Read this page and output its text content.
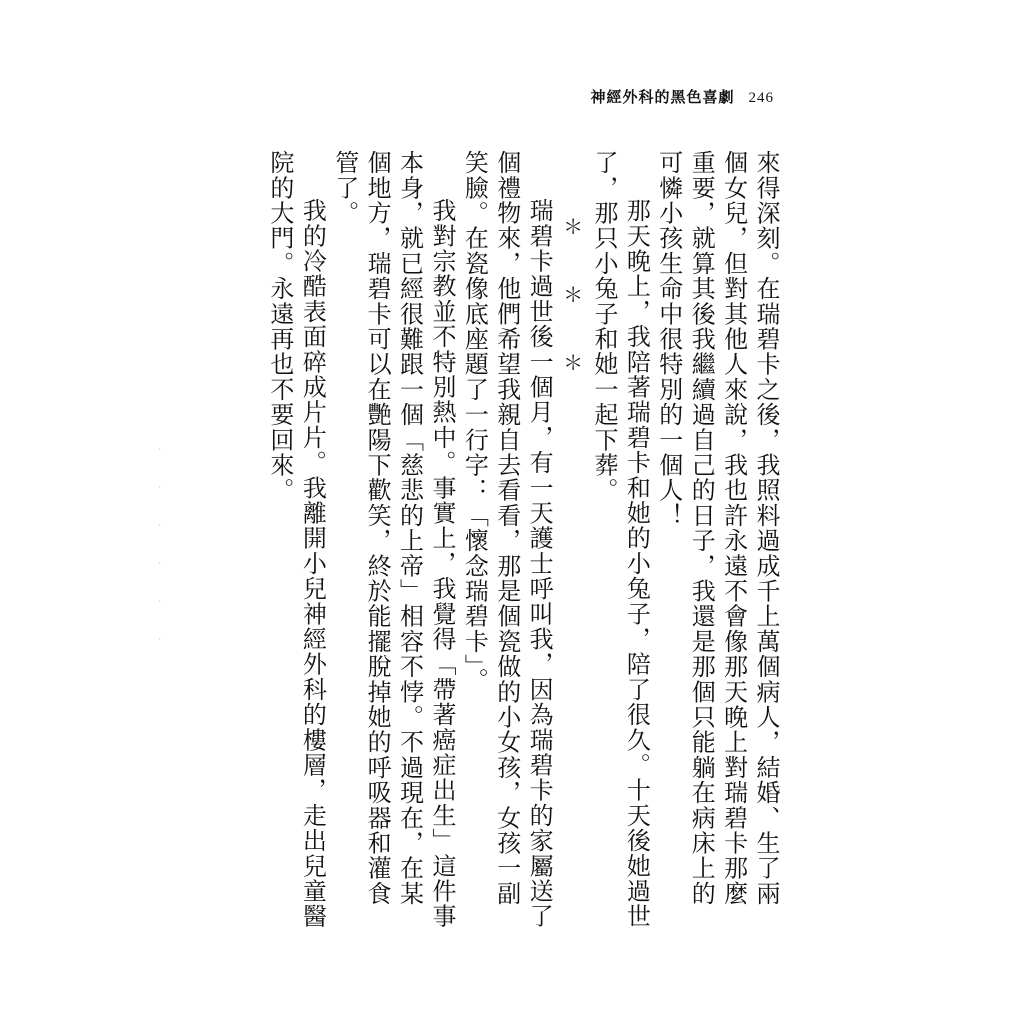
神經外科的黑色喜劇 246

來得深刻。在瑞碧卡之後，我照料過成千上萬個病人，結婚、生了兩個女兒，但對其他人來說，我也許永遠不會像那天晚上對瑞碧卡那麼重要，就算其後我繼續過自己的日子，我還是那個只能躺在病床上的可憐小孩生命中很特別的一個人！

那天晚上，我陪著瑞碧卡和她的小兔子，陪了很久。十天後她過世了，那只小兔子和她一起下葬。

＊　＊　＊

瑞碧卡過世後一個月，有一天護士呼叫我，因為瑞碧卡的家屬送了個禮物來，他們希望我親自去看看，那是個瓷做的小女孩，女孩一副笑臉。在瓷像底座題了一行字：「懷念瑞碧卡」。

我對宗教並不特別熱中。事實上，我覺得「帶著癌症出生」這件事本身，就已經很難跟一個「慈悲的上帝」相容不悖。不過現在，在某個地方，瑞碧卡可以在艷陽下歡笑，終於能擺脫掉她的呼吸器和灌食管了。

我的冷酷表面碎成片片。我離開小兒神經外科的樓層，走出兒童醫院的大門。永遠再也不要回來。
